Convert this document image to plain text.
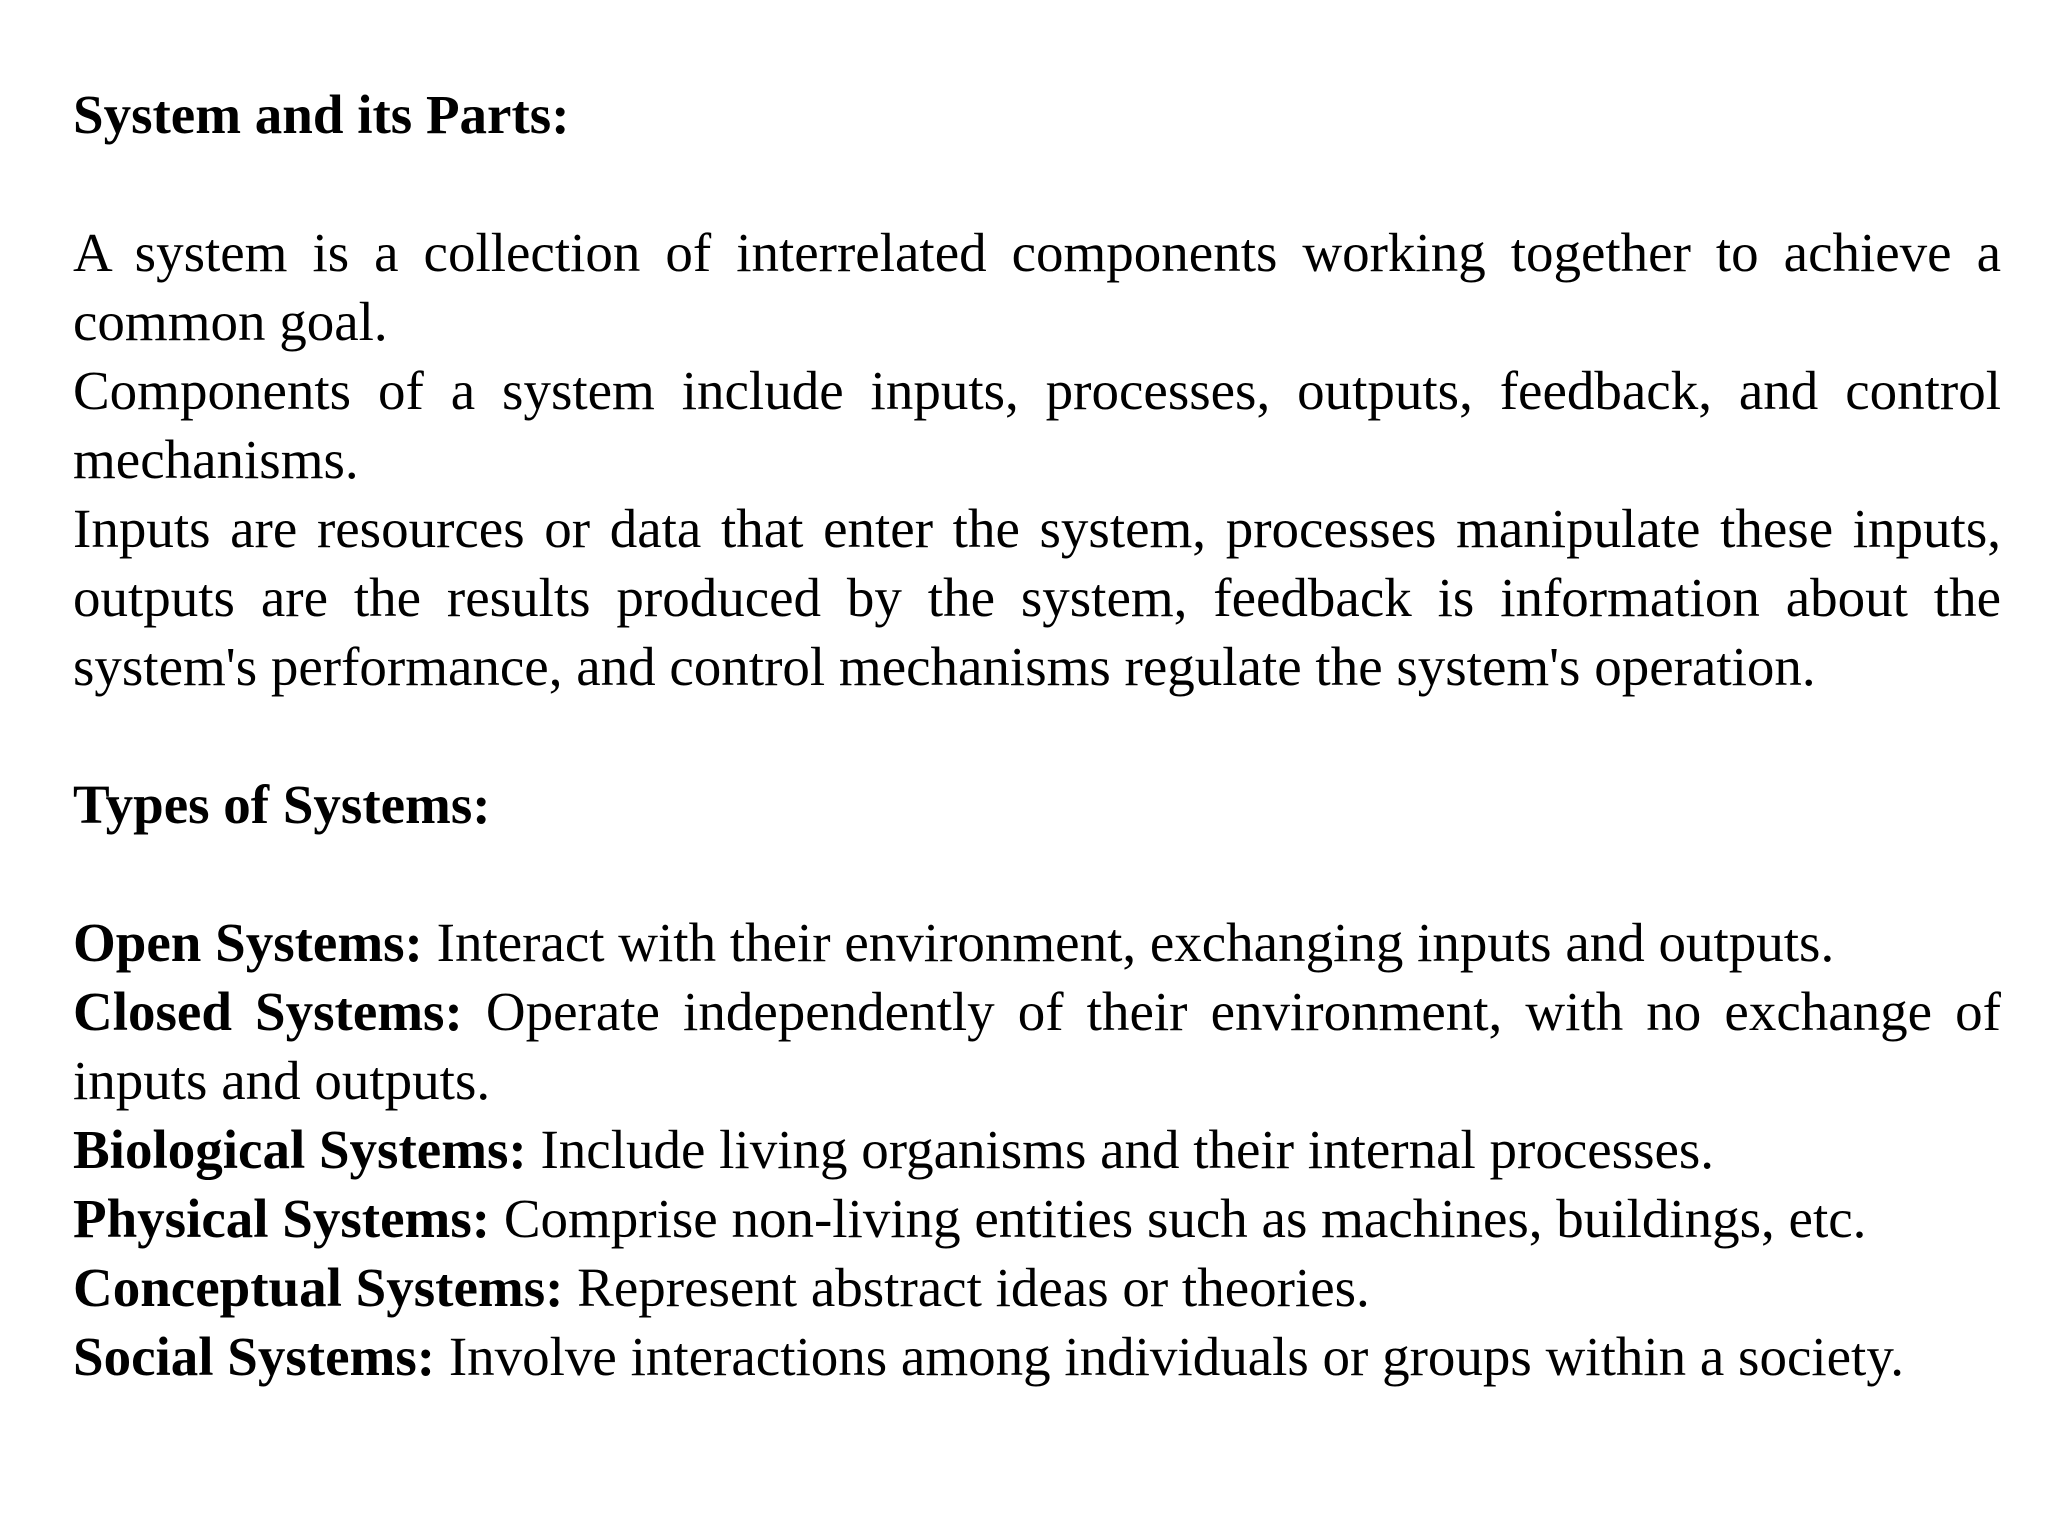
System and its Parts:

A system is a collection of interrelated components working together to achieve a common goal.

Components of a system include inputs, processes, outputs, feedback, and control mechanisms.

Inputs are resources or data that enter the system, processes manipulate these inputs, outputs are the results produced by the system, feedback is information about the system's performance, and control mechanisms regulate the system's operation.

Types of Systems:

Open Systems: Interact with their environment, exchanging inputs and outputs.

Closed Systems: Operate independently of their environment, with no exchange of inputs and outputs.

Biological Systems: Include living organisms and their internal processes.

Physical Systems: Comprise non-living entities such as machines, buildings, etc.

Conceptual Systems: Represent abstract ideas or theories.

Social Systems: Involve interactions among individuals or groups within a society.
